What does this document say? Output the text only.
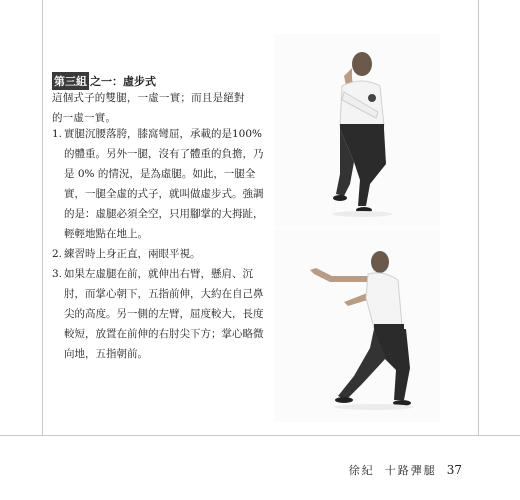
第三組 之一：虛步式
這個式子的雙腿，一虛一實；而且是絕對的一虛一實。
1. 實腿沉腰落胯，膝窩彎屈，承載的是100% 的體重。另外一腿，沒有了體重的負擔，乃是 0% 的情況，是為虛腿。如此，一腿全實，一腿全虛的式子，就叫做虛步式。強調的是：虛腿必須全空，只用腳掌的大拇趾，輕輕地點在地上。
2. 練習時上身正直，兩眼平視。
3. 如果左虛腿在前，就伸出右臂，懸肩、沉肘，而掌心朝下，五指前伸，大約在自己鼻尖的高度。另一側的左臂，屈度較大，長度較短，放置在前伸的右肘尖下方；掌心略微向地，五指朝前。
徐紀 十路彈腿 37
